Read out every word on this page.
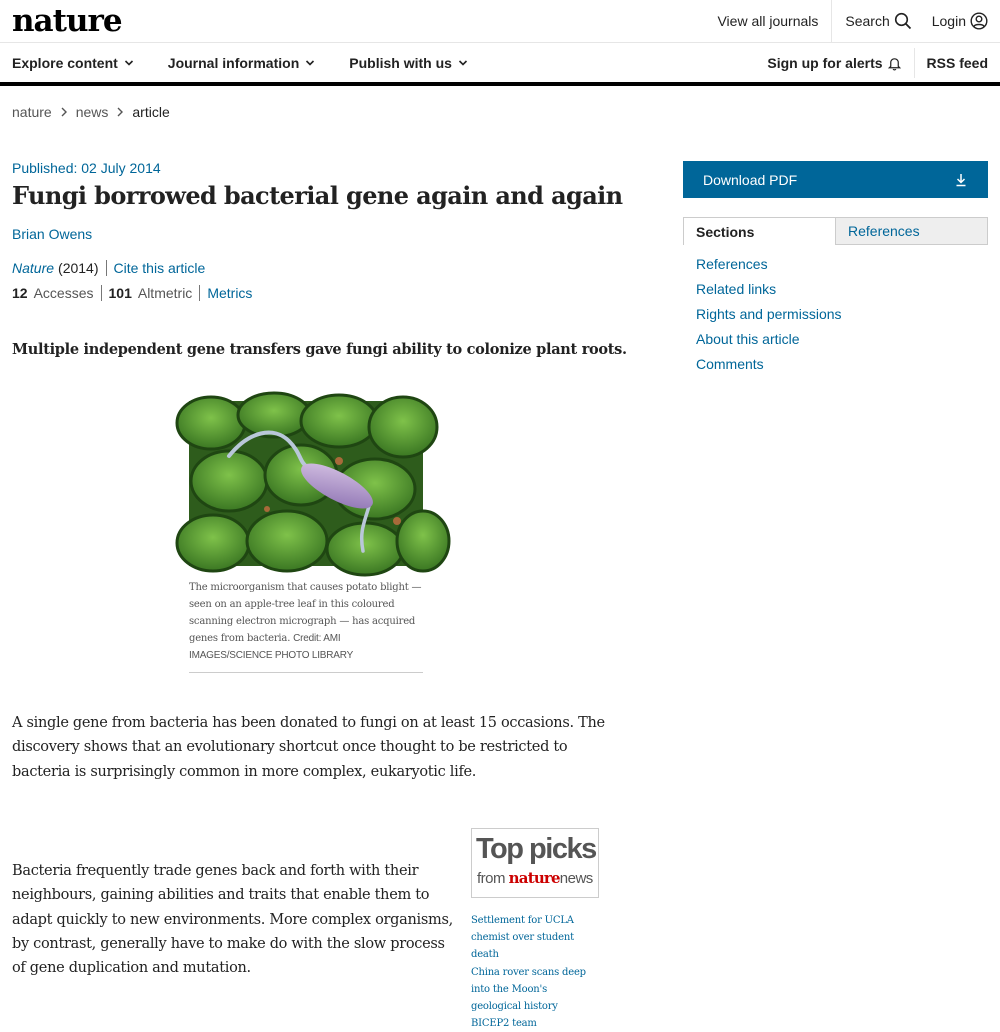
nature	View all journals Search	Login
Explore content	Journal information	Publish with us	Sign up for alerts	RSS feed
nature news article
Published: 02 July 2014
Fungi borrowed bacterial gene again and again
Brian Owens
Nature (2014) Cite this article
12 Accesses 101 Altmetric Metrics

Multiple independent gene transfers gave fungi ability to colonize plant roots.

The microorganism that causes potato blight — seen on an apple-tree leaf in this coloured scanning electron micrograph — has acquired genes from bacteria. Credit: AMI IMAGES/SCIENCE PHOTO LIBRARY

A single gene from bacteria has been donated to fungi on at least 15 occasions. The discovery shows that an evolutionary shortcut once thought to be restricted to bacteria is surprisingly common in more complex, eukaryotic life.

Bacteria frequently trade genes back and forth with their neighbours, gaining abilities and traits that enable them to adapt quickly to new environments. More complex organisms, by contrast, generally have to make do with the slow process of gene duplication and mutation.

Top picks
from naturenews
Settlement for UCLA chemist over student death
China rover scans deep into the Moon's geological history
BICEP2 team
Download PDF
Sections	References
References
Related links
Rights and permissions
About this article
Comments
